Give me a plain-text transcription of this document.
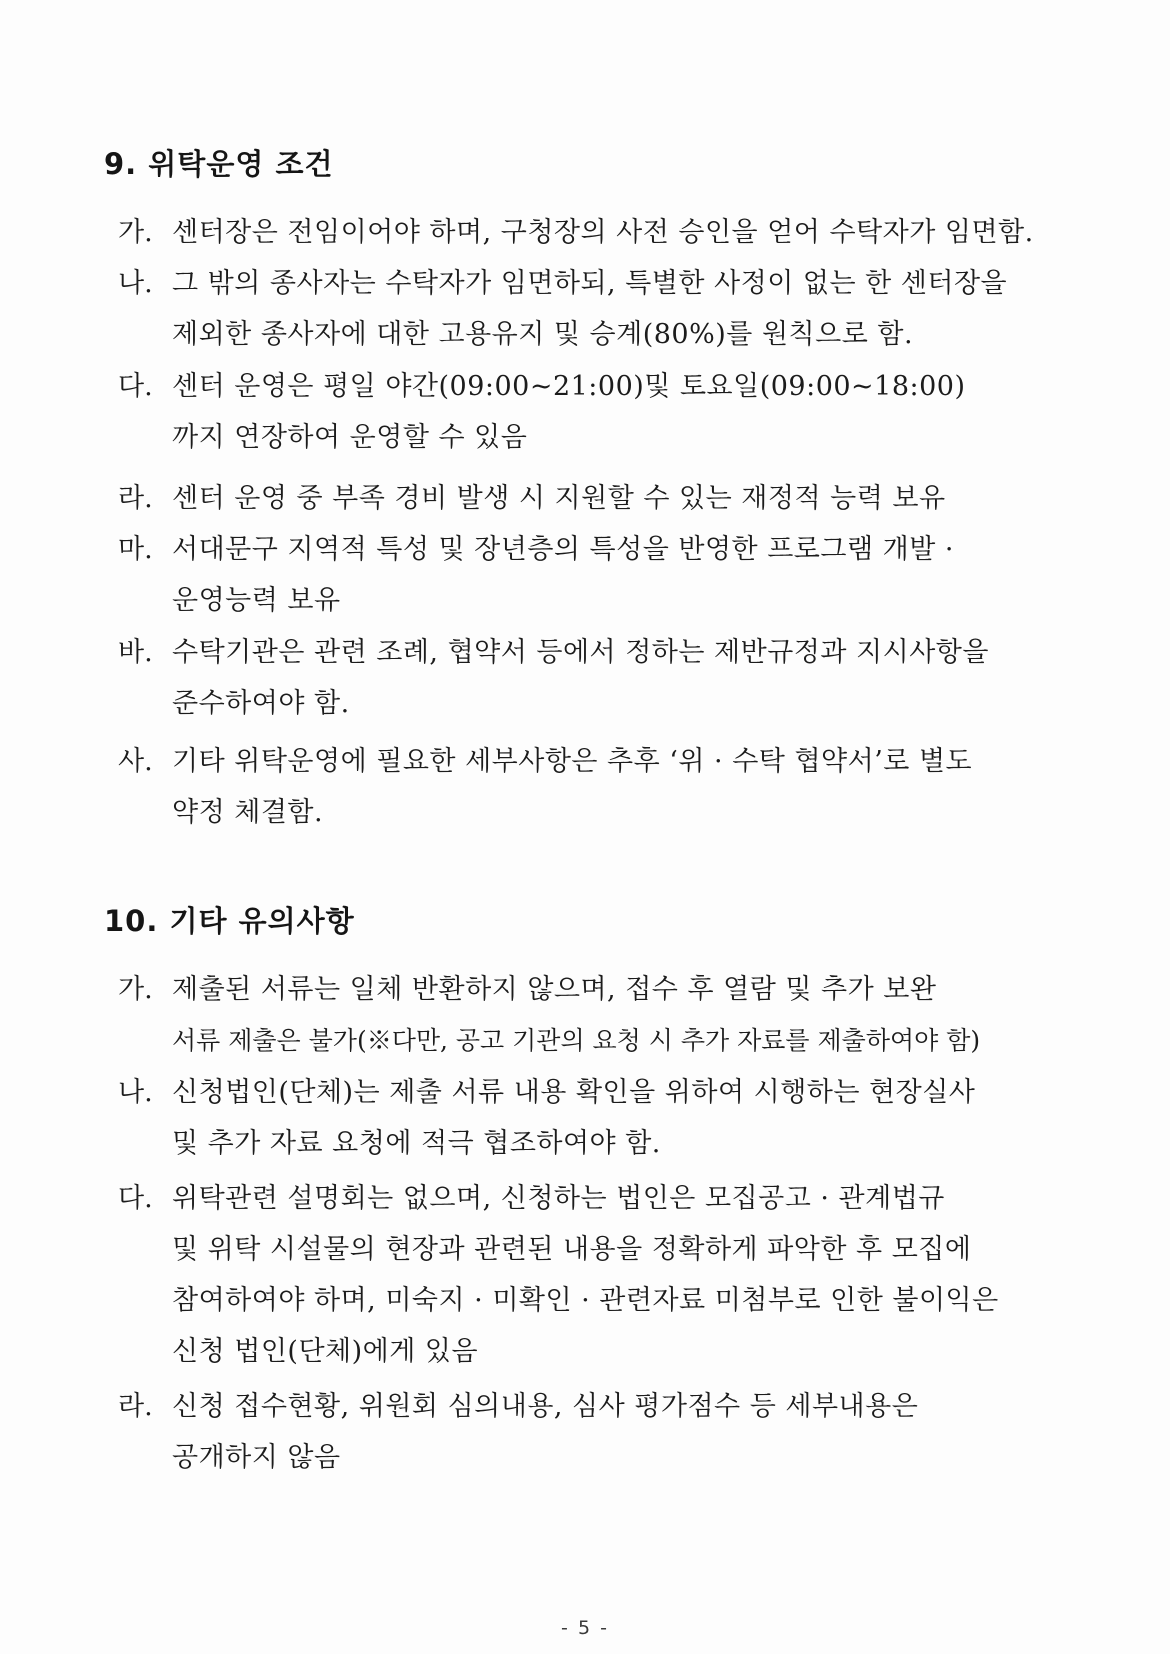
9. 위탁운영 조건
가. 센터장은 전임이어야 하며, 구청장의 사전 승인을 얻어 수탁자가 임면함.
나. 그 밖의 종사자는 수탁자가 임면하되, 특별한 사정이 없는 한 센터장을
제외한 종사자에 대한 고용유지 및 승계(80%)를 원칙으로 함.
다. 센터 운영은 평일 야간(09:00~21:00)및 토요일(09:00~18:00)
까지 연장하여 운영할 수 있음
라. 센터 운영 중 부족 경비 발생 시 지원할 수 있는 재정적 능력 보유
마. 서대문구 지역적 특성 및 장년층의 특성을 반영한 프로그램 개발 ·
운영능력 보유
바. 수탁기관은 관련 조례, 협약서 등에서 정하는 제반규정과 지시사항을
준수하여야 함.
사. 기타 위탁운영에 필요한 세부사항은 추후 ‘위 · 수탁 협약서’로 별도
약정 체결함.
10. 기타 유의사항
가. 제출된 서류는 일체 반환하지 않으며, 접수 후 열람 및 추가 보완
서류 제출은 불가(※다만, 공고 기관의 요청 시 추가 자료를 제출하여야 함)
나. 신청법인(단체)는 제출 서류 내용 확인을 위하여 시행하는 현장실사
및 추가 자료 요청에 적극 협조하여야 함.
다. 위탁관련 설명회는 없으며, 신청하는 법인은 모집공고 · 관계법규
및 위탁 시설물의 현장과 관련된 내용을 정확하게 파악한 후 모집에
참여하여야 하며, 미숙지 · 미확인 · 관련자료 미첨부로 인한 불이익은
신청 법인(단체)에게 있음
라. 신청 접수현황, 위원회 심의내용, 심사 평가점수 등 세부내용은
공개하지 않음
- 5 -
